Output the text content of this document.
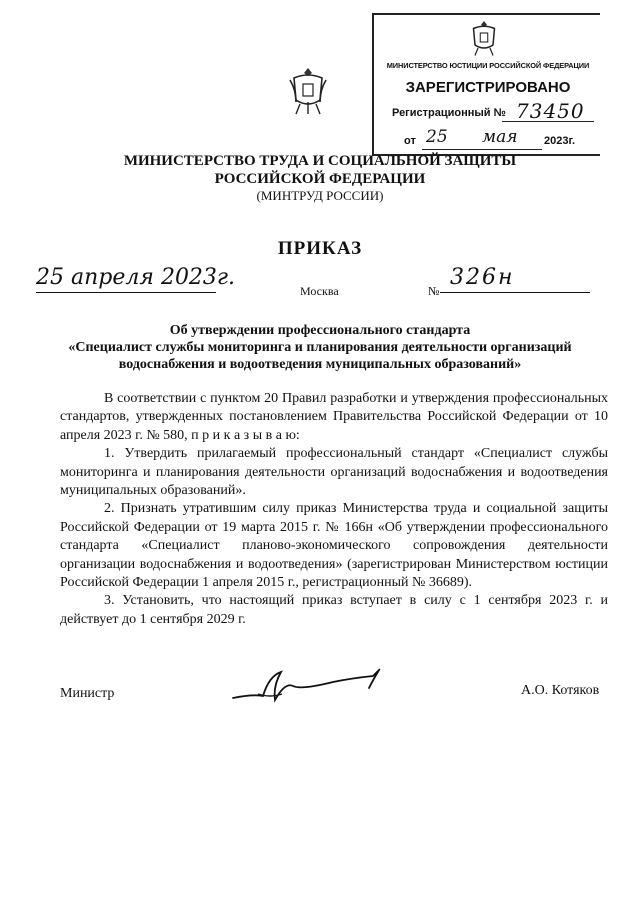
МИНИСТЕРСТВО ЮСТИЦИИ РОССИЙСКОЙ ФЕДЕРАЦИИ
ЗАРЕГИСТРИРОВАНО
Регистрационный № 73450
от 25 мая 2023г.
МИНИСТЕРСТВО ТРУДА И СОЦИАЛЬНОЙ ЗАЩИТЫ
РОССИЙСКОЙ ФЕДЕРАЦИИ
(МИНТРУД РОССИИ)
ПРИКАЗ
25 апреля 2023г.
Москва	№
326н
Об утверждении профессионального стандарта
«Специалист службы мониторинга и планирования деятельности организаций
водоснабжения и водоотведения муниципальных образований»

В соответствии с пунктом 20 Правил разработки и утверждения профессиональных стандартов, утвержденных постановлением Правительства Российской Федерации от 10 апреля 2023 г. № 580, п р и к а з ы в а ю:

1. Утвердить прилагаемый профессиональный стандарт «Специалист службы мониторинга и планирования деятельности организаций водоснабжения и водоотведения муниципальных образований».

2. Признать утратившим силу приказ Министерства труда и социальной защиты Российской Федерации от 19 марта 2015 г. № 166н «Об утверждении профессионального стандарта «Специалист планово-экономического сопровождения деятельности организации водоснабжения и водоотведения» (зарегистрирован Министерством юстиции Российской Федерации 1 апреля 2015 г., регистрационный № 36689).

3. Установить, что настоящий приказ вступает в силу с 1 сентября 2023 г. и действует до 1 сентября 2029 г.

Министр	А.О. Котяков
